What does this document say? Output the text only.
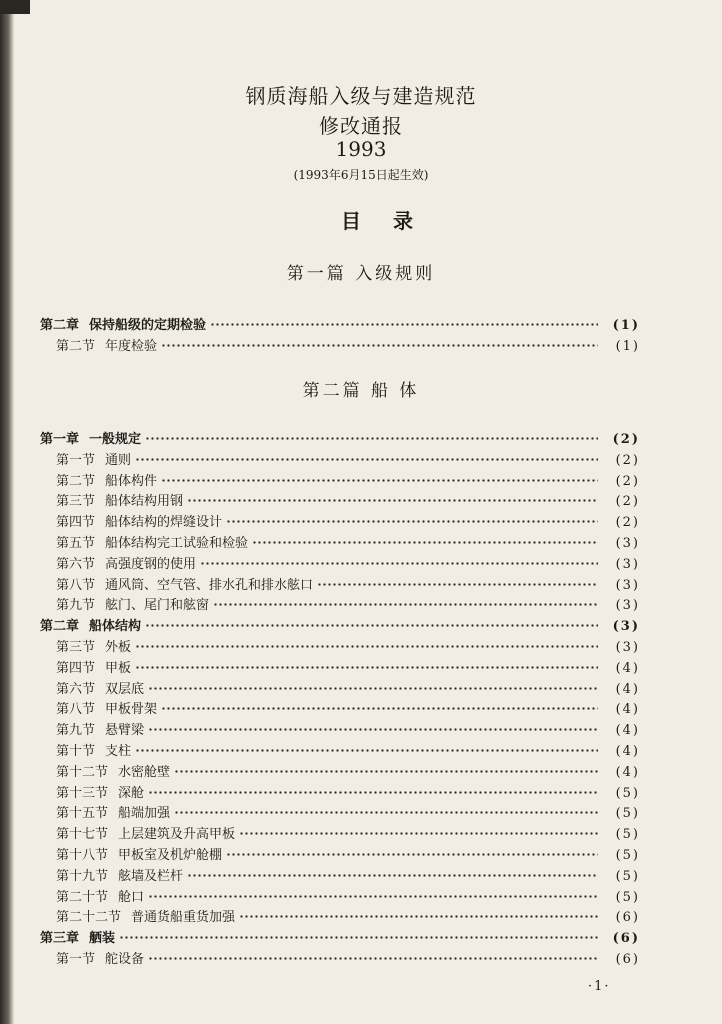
钢质海船入级与建造规范
修改通报
1993
(1993年6月15日起生效)
目录
第一篇 入级规则
第二章 保持船级的定期检验	(1)
第二节 年度检验	(1)
第二篇 船 体
第一章 一般规定	(2)
第一节 通则	(2)
第二节 船体构件	(2)
第三节 船体结构用钢	(2)
第四节 船体结构的焊缝设计	(2)
第五节 船体结构完工试验和检验	(3)
第六节 高强度钢的使用	(3)
第八节 通风筒、空气管、排水孔和排水舷口	(3)
第九节 舷门、尾门和舷窗	(3)
第二章 船体结构	(3)
第三节 外板	(3)
第四节 甲板	(4)
第六节 双层底	(4)
第八节 甲板骨架	(4)
第九节 悬臂梁	(4)
第十节 支柱	(4)
第十二节 水密舱壁	(4)
第十三节 深舱	(5)
第十五节 船端加强	(5)
第十七节 上层建筑及升高甲板	(5)
第十八节 甲板室及机炉舱棚	(5)
第十九节 舷墙及栏杆	(5)
第二十节 舱口	(5)
第二十二节 普通货船重货加强	(6)
第三章 舾装	(6)
第一节 舵设备	(6)
·1·
